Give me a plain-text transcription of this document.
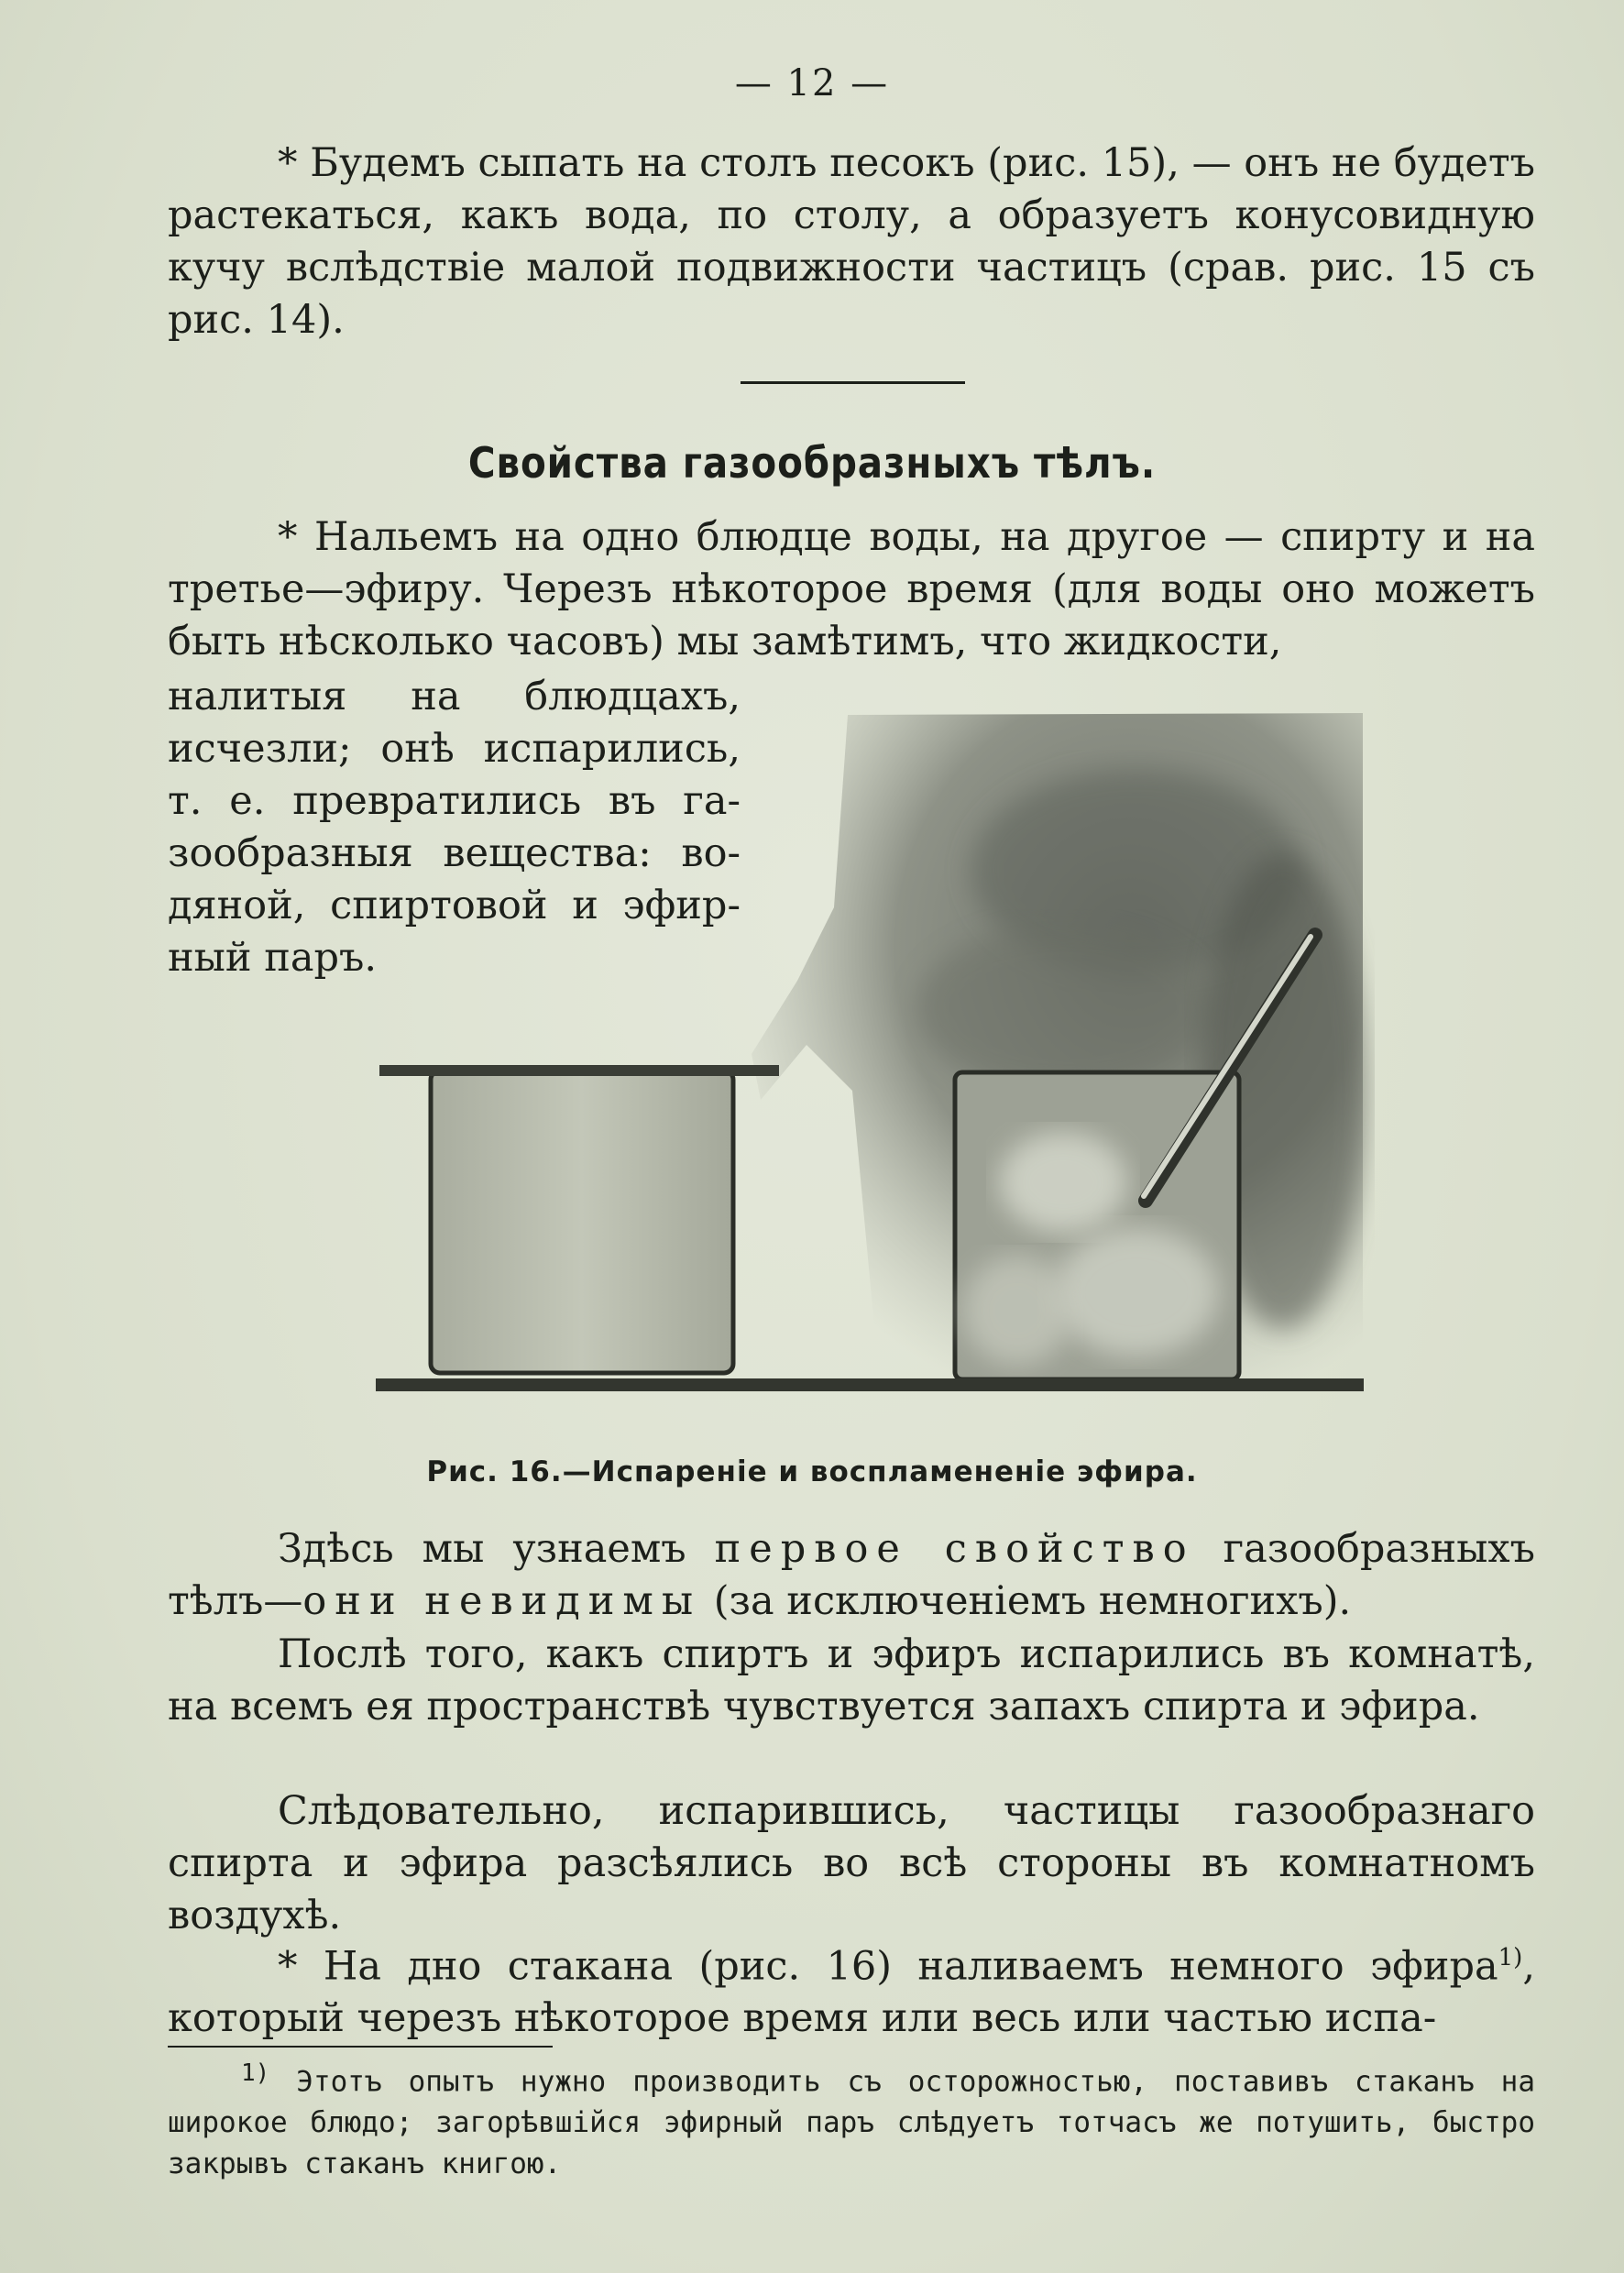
— 12 —

* Будемъ сыпать на столъ песокъ (рис. 15), — онъ не будетъ растекаться, какъ вода, по столу, а образуетъ конусовидную кучу вслѣдствіе малой подвижности частицъ (срав. рис. 15 съ рис. 14).

Свойства газообразныхъ тѣлъ.

* Нальемъ на одно блюдце воды, на другое — спирту и на третье—эфиру. Черезъ нѣкоторое время (для воды оно можетъ быть нѣсколько часовъ) мы замѣтимъ, что жидкости,

налитыя на блюдцахъ,
исчезли; онѣ испарились,
т. е. превратились въ га-
зообразныя вещества: во-
дяной, спиртовой и эфир-
ный паръ.
Рис. 16.—Испареніе и воспламененіе эфира.

Здѣсь мы узнаемъ первое свойство газообразныхъ тѣлъ—они невидимы (за исключеніемъ немногихъ).

Послѣ того, какъ спиртъ и эфиръ испарились въ комнатѣ, на всемъ ея пространствѣ чувствуется запахъ спирта и эфира.

Слѣдовательно, испарившись, частицы газообразнаго спирта и эфира разсѣялись во всѣ стороны въ комнатномъ воздухѣ.

* На дно стакана (рис. 16) наливаемъ немного эфира$^{1)}$, который черезъ нѣкоторое время или весь или частью испа-

$^{1)}$ Этотъ опытъ нужно производить съ осторожностью, поставивъ стаканъ на широкое блюдо; загорѣвшійся эфирный паръ слѣдуетъ тотчасъ же потушить, быстро закрывъ стаканъ книгою.
